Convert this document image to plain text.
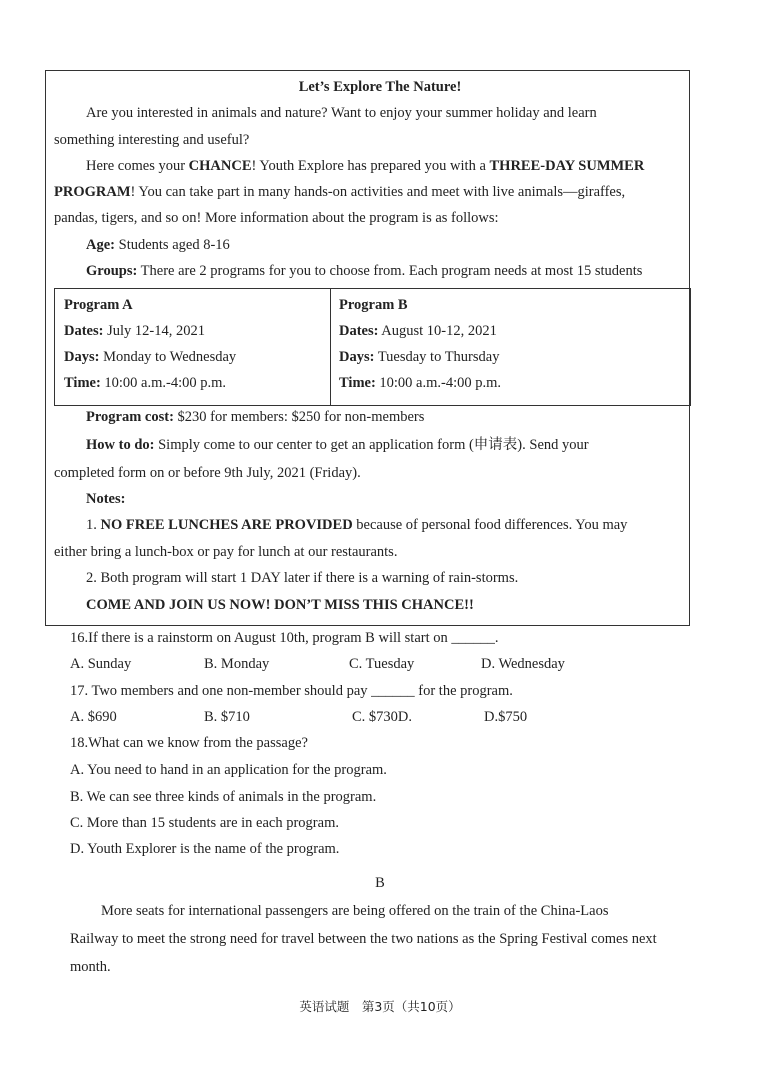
Let’s Explore The Nature!
Are you interested in animals and nature? Want to enjoy your summer holiday and learn
something interesting and useful?
Here comes your CHANCE! Youth Explore has prepared you with a THREE-DAY SUMMER
PROGRAM! You can take part in many hands-on activities and meet with live animals—giraffes,
pandas, tigers, and so on! More information about the program is as follows:
Age: Students aged 8-16
Groups: There are 2 programs for you to choose from. Each program needs at most 15 students
Program A
Dates: July 12-14, 2021
Days: Monday to Wednesday
Time: 10:00 a.m.-4:00 p.m.
Program B
Dates: August 10-12, 2021
Days: Tuesday to Thursday
Time: 10:00 a.m.-4:00 p.m.
Program cost: $230 for members: $250 for non-members
How to do: Simply come to our center to get an application form (申请表). Send your
completed form on or before 9th July, 2021 (Friday).
Notes:
1. NO FREE LUNCHES ARE PROVIDED because of personal food differences. You may
either bring a lunch-box or pay for lunch at our restaurants.
2. Both program will start 1 DAY later if there is a warning of rain-storms.
COME AND JOIN US NOW! DON’T MISS THIS CHANCE!!
16.If there is a rainstorm on August 10th, program B will start on ______.
A. Sunday	B. Monday	C. Tuesday	D. Wednesday
17. Two members and one non-member should pay ______ for the program.
A. $690	B. $710	C. $730D.	D.$750
18.What can we know from the passage?
A. You need to hand in an application for the program.
B. We can see three kinds of animals in the program.
C. More than 15 students are in each program.
D. Youth Explorer is the name of the program.
B
More seats for international passengers are being offered on the train of the China-Laos
Railway to meet the strong need for travel between the two nations as the Spring Festival comes next
month.
英语试题　第3页（共10页）
